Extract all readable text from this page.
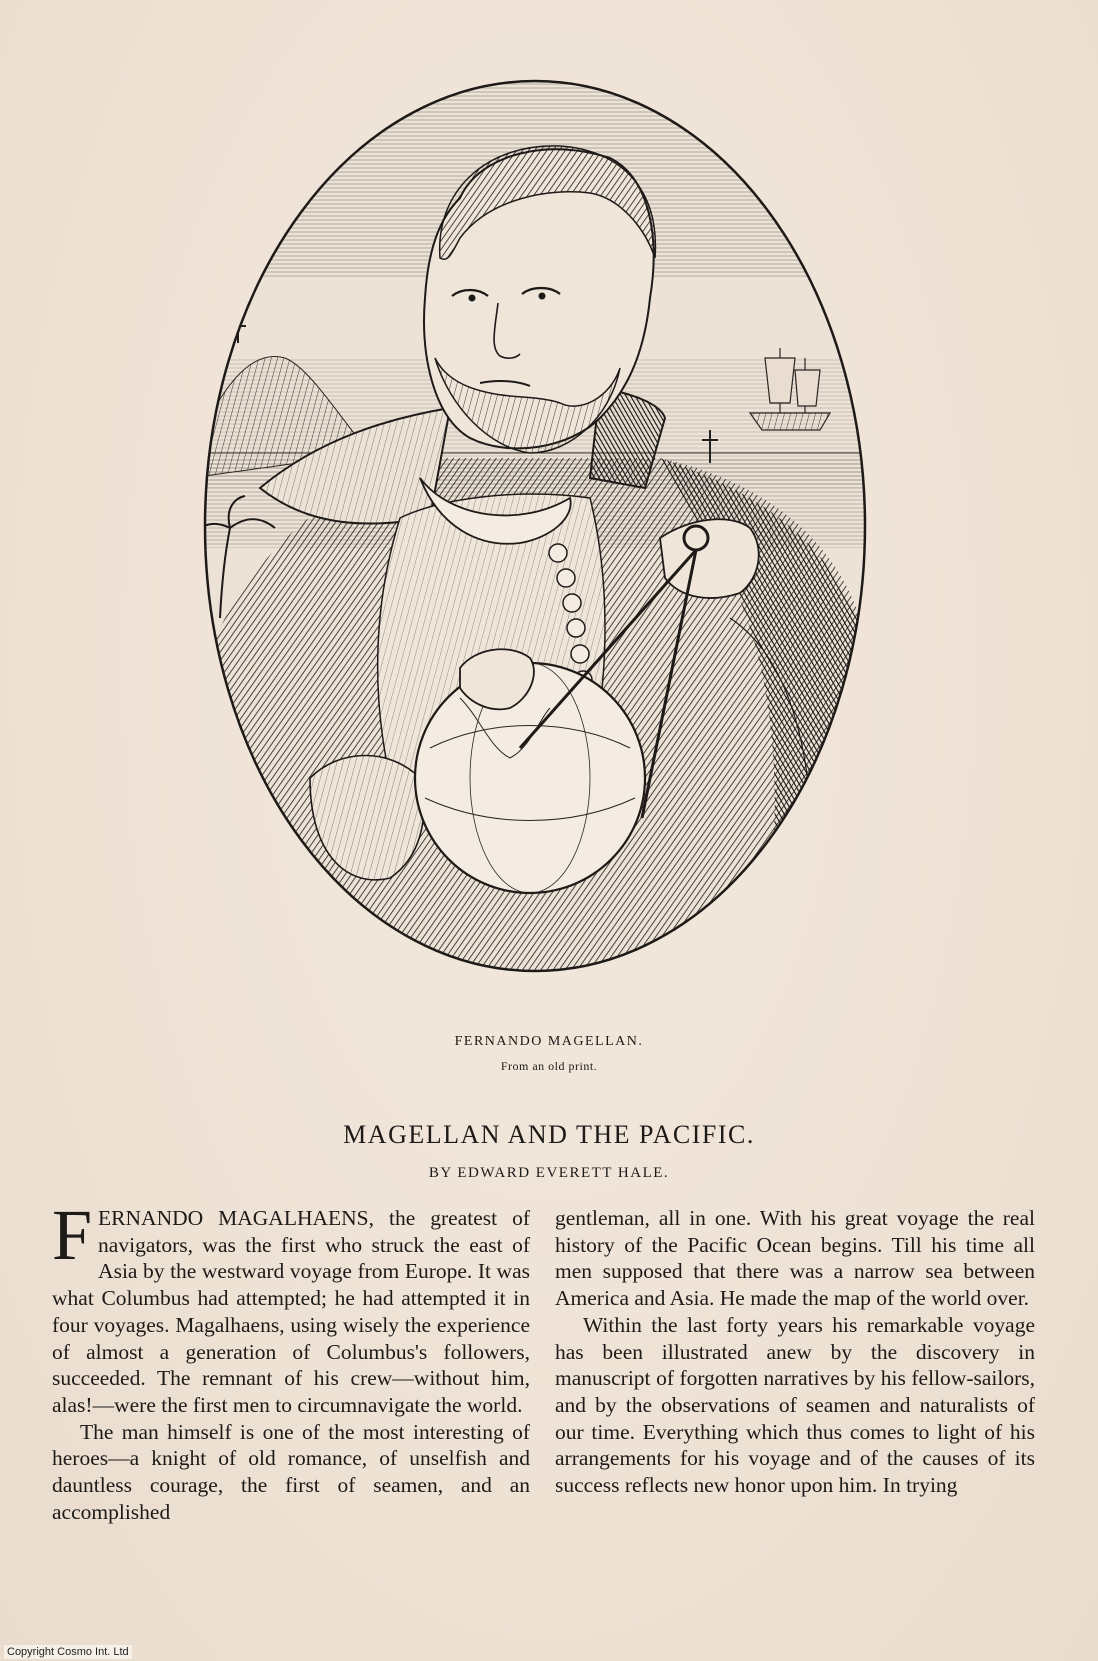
FERNANDO MAGELLAN.
From an old print.
MAGELLAN AND THE PACIFIC.
BY EDWARD EVERETT HALE.

FERNANDO MAGALHAENS, the greatest of navigators, was the first who struck the east of Asia by the westward voyage from Europe. It was what Columbus had attempted; he had attempted it in four voyages. Magalhaens, using wisely the experience of almost a generation of Columbus's followers, succeeded. The remnant of his crew—without him, alas!—were the first men to circumnavigate the world.

The man himself is one of the most interesting of heroes—a knight of old romance, of unselfish and dauntless courage, the first of seamen, and an accomplished

gentleman, all in one. With his great voyage the real history of the Pacific Ocean begins. Till his time all men supposed that there was a narrow sea between America and Asia. He made the map of the world over.

Within the last forty years his remarkable voyage has been illustrated anew by the discovery in manuscript of forgotten narratives by his fellow-sailors, and by the observations of seamen and naturalists of our time. Everything which thus comes to light of his arrangements for his voyage and of the causes of its success reflects new honor upon him. In trying

Copyright Cosmo Int. Ltd
